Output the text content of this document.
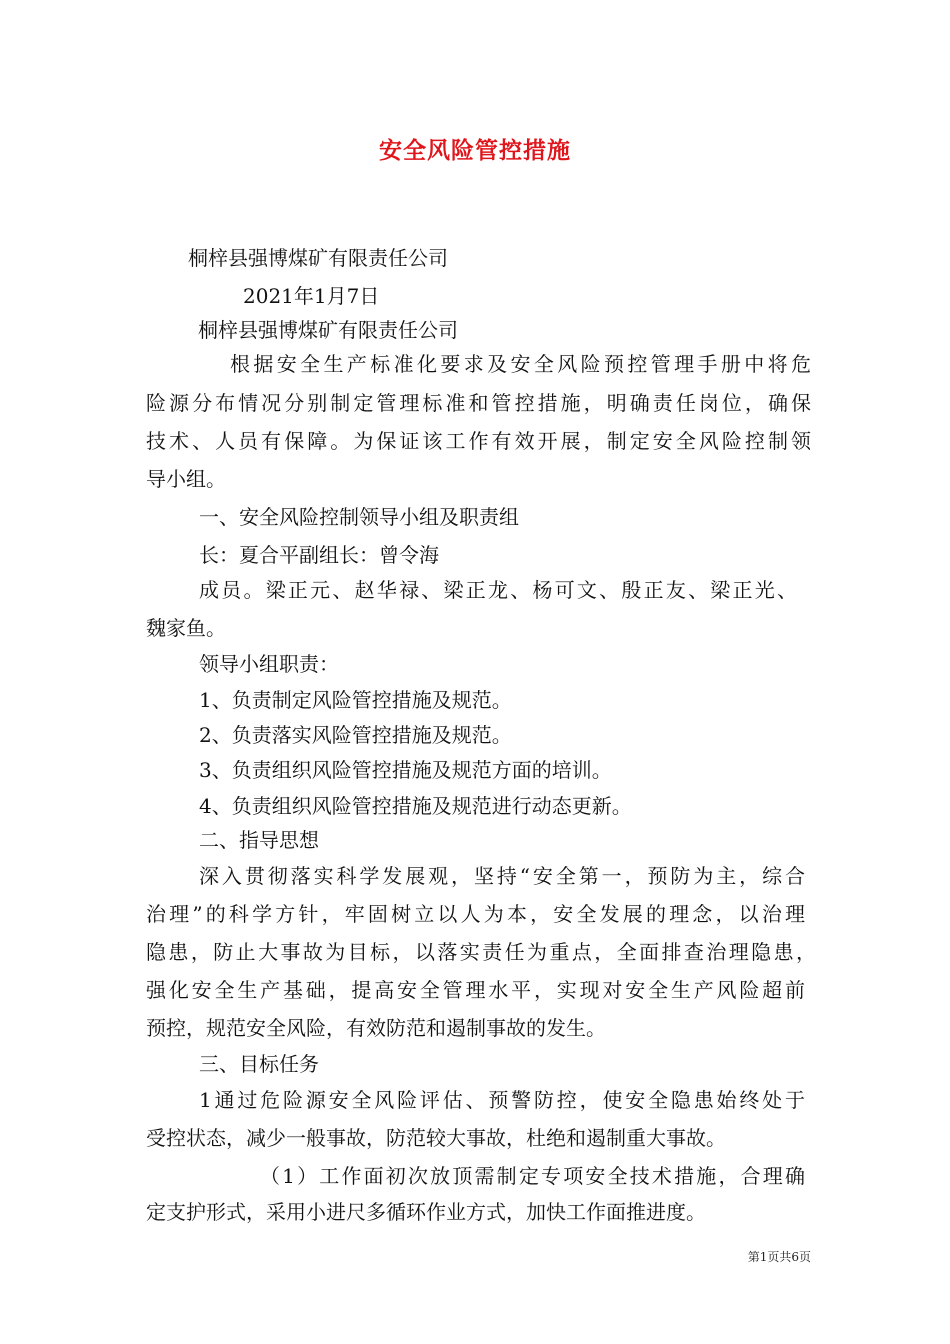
安全风险管控措施
桐梓县强博煤矿有限责任公司
2021年1月7日
桐梓县强博煤矿有限责任公司
根据安全生产标准化要求及安全风险预控管理手册中将危
险源分布情况分别制定管理标准和管控措施，明确责任岗位，确保
技术、人员有保障。为保证该工作有效开展，制定安全风险控制领
导小组。
一、安全风险控制领导小组及职责组
长：夏合平副组长：曾令海
成员。梁正元、赵华禄、梁正龙、杨可文、殷正友、梁正光、
魏家鱼。
领导小组职责：
1、负责制定风险管控措施及规范。
2、负责落实风险管控措施及规范。
3、负责组织风险管控措施及规范方面的培训。
4、负责组织风险管控措施及规范进行动态更新。
二、指导思想
深入贯彻落实科学发展观，坚持“安全第一，预防为主，综合
治理”的科学方针，牢固树立以人为本，安全发展的理念，以治理
隐患，防止大事故为目标，以落实责任为重点，全面排查治理隐患，
强化安全生产基础，提高安全管理水平，实现对安全生产风险超前
预控，规范安全风险，有效防范和遏制事故的发生。
三、目标任务
1通过危险源安全风险评估、预警防控，使安全隐患始终处于
受控状态，减少一般事故，防范较大事故，杜绝和遏制重大事故。
（1）工作面初次放顶需制定专项安全技术措施，合理确
定支护形式，采用小进尺多循环作业方式，加快工作面推进度。
第1页共6页
